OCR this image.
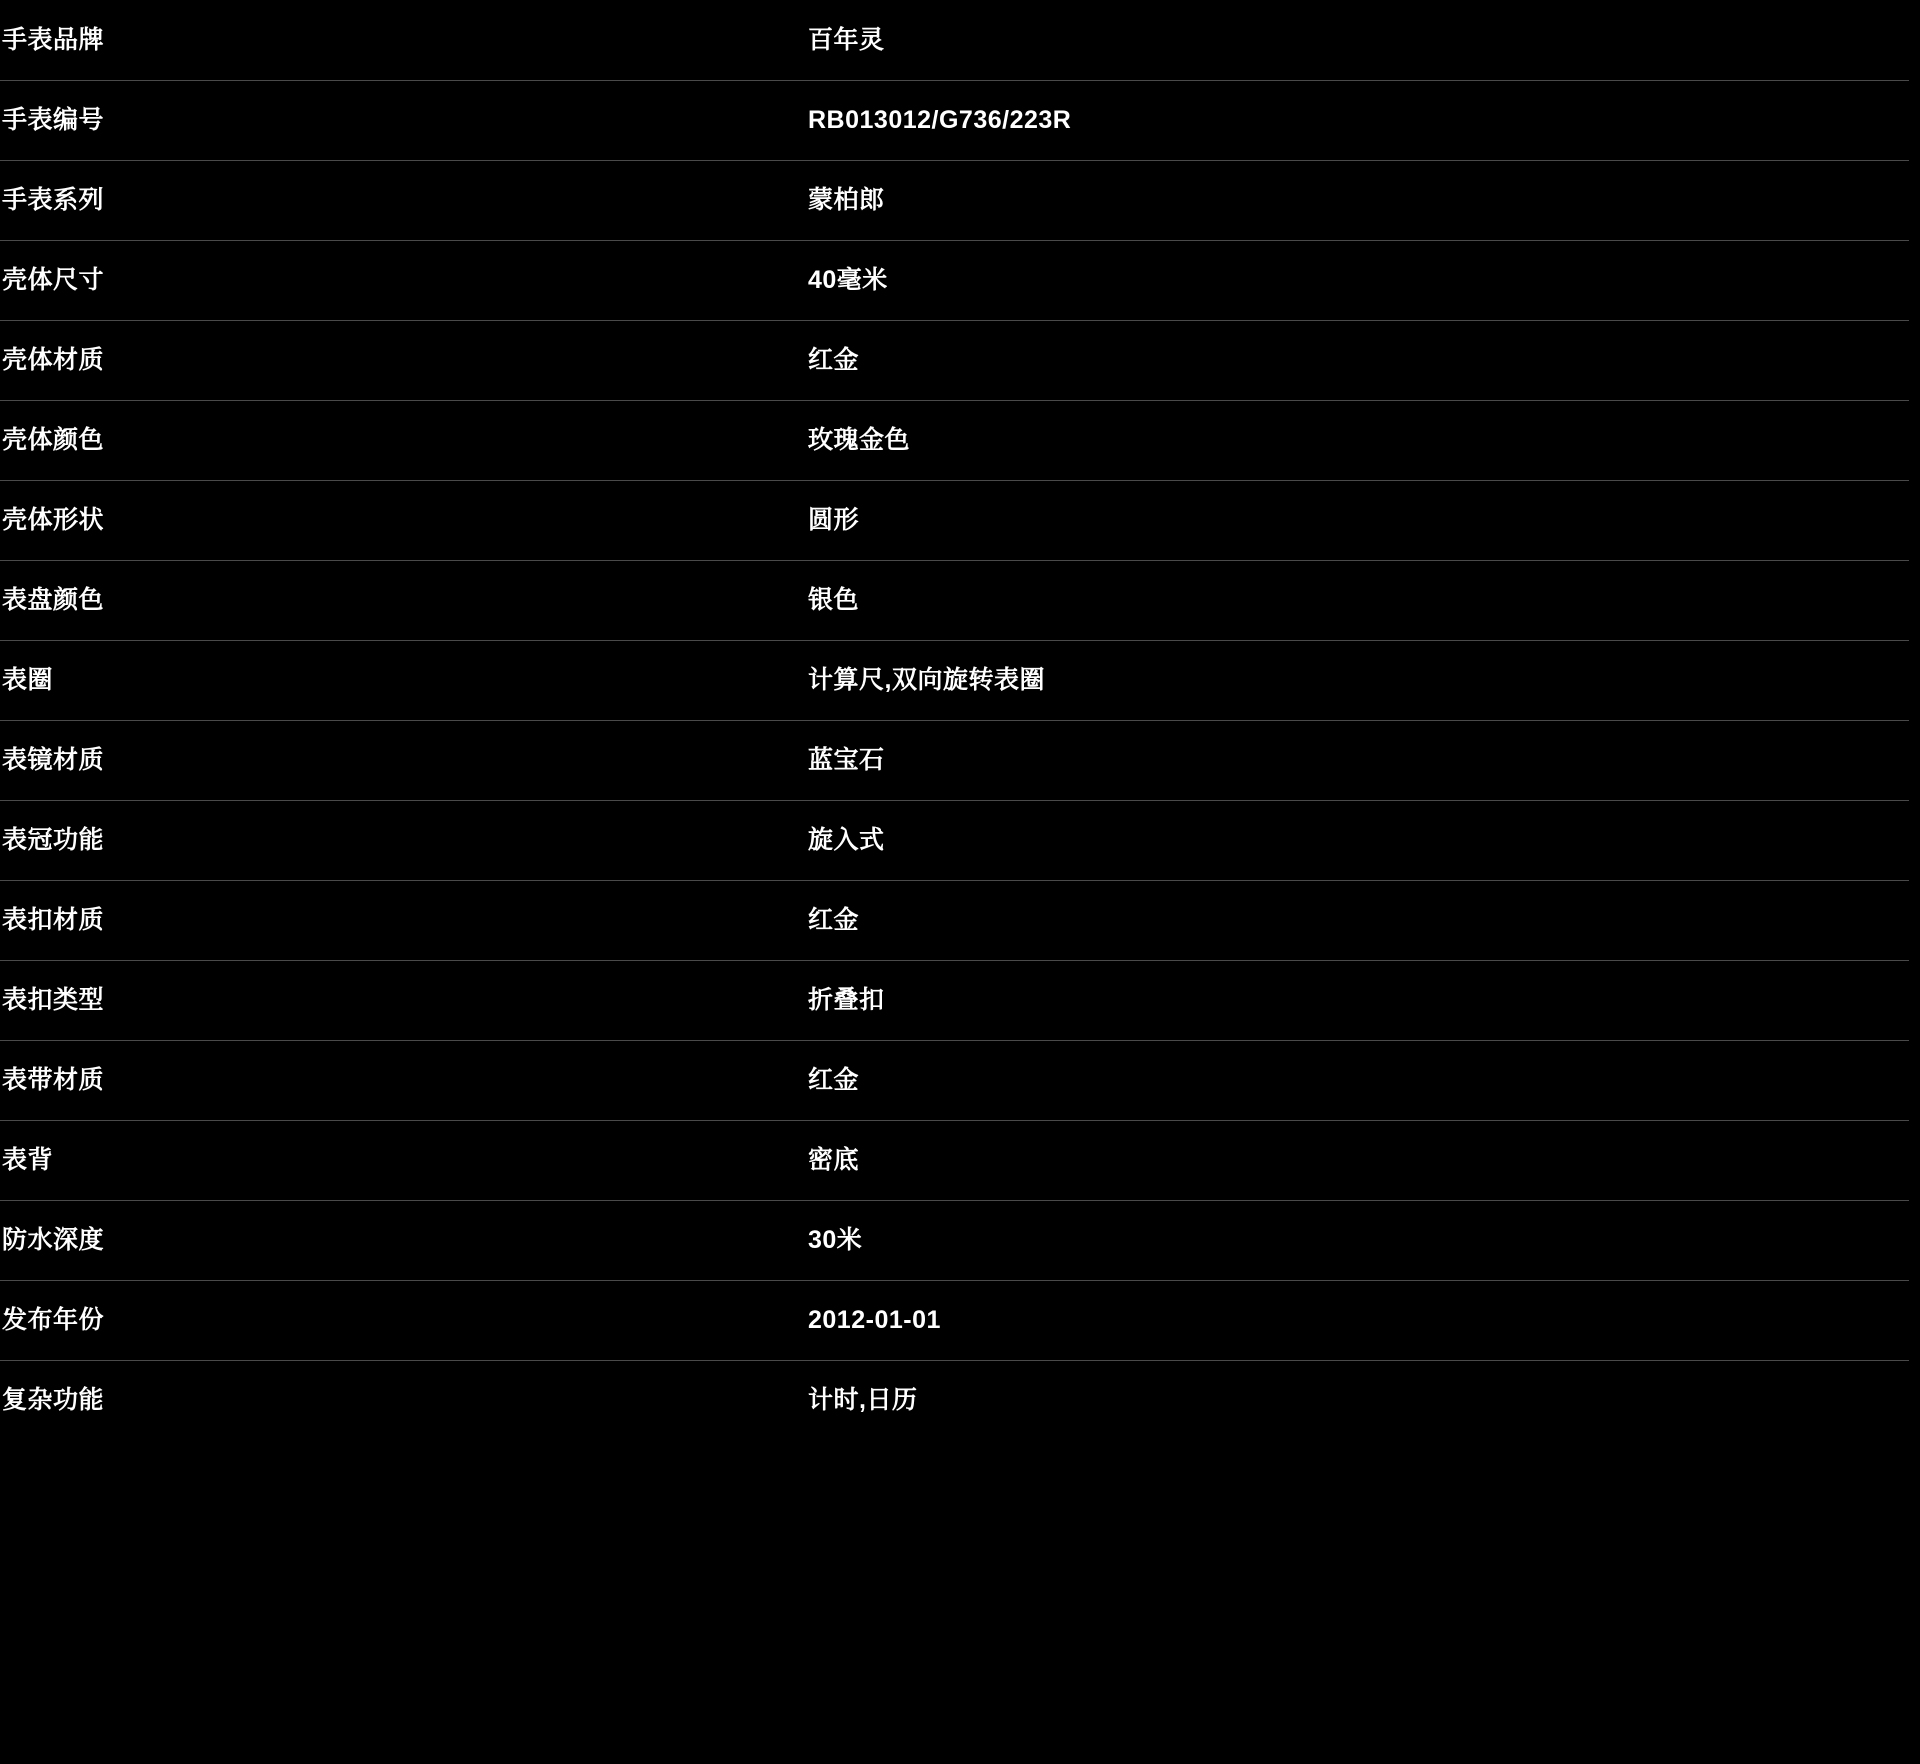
手表品牌	百年灵
手表编号	RB013012/G736/223R
手表系列	蒙柏郎
壳体尺寸	40毫米
壳体材质	红金
壳体颜色	玫瑰金色
壳体形状	圆形
表盘颜色	银色
表圈	计算尺,双向旋转表圈
表镜材质	蓝宝石
表冠功能	旋入式
表扣材质	红金
表扣类型	折叠扣
表带材质	红金
表背	密底
防水深度	30米
发布年份	2012-01-01
复杂功能	计时,日历
